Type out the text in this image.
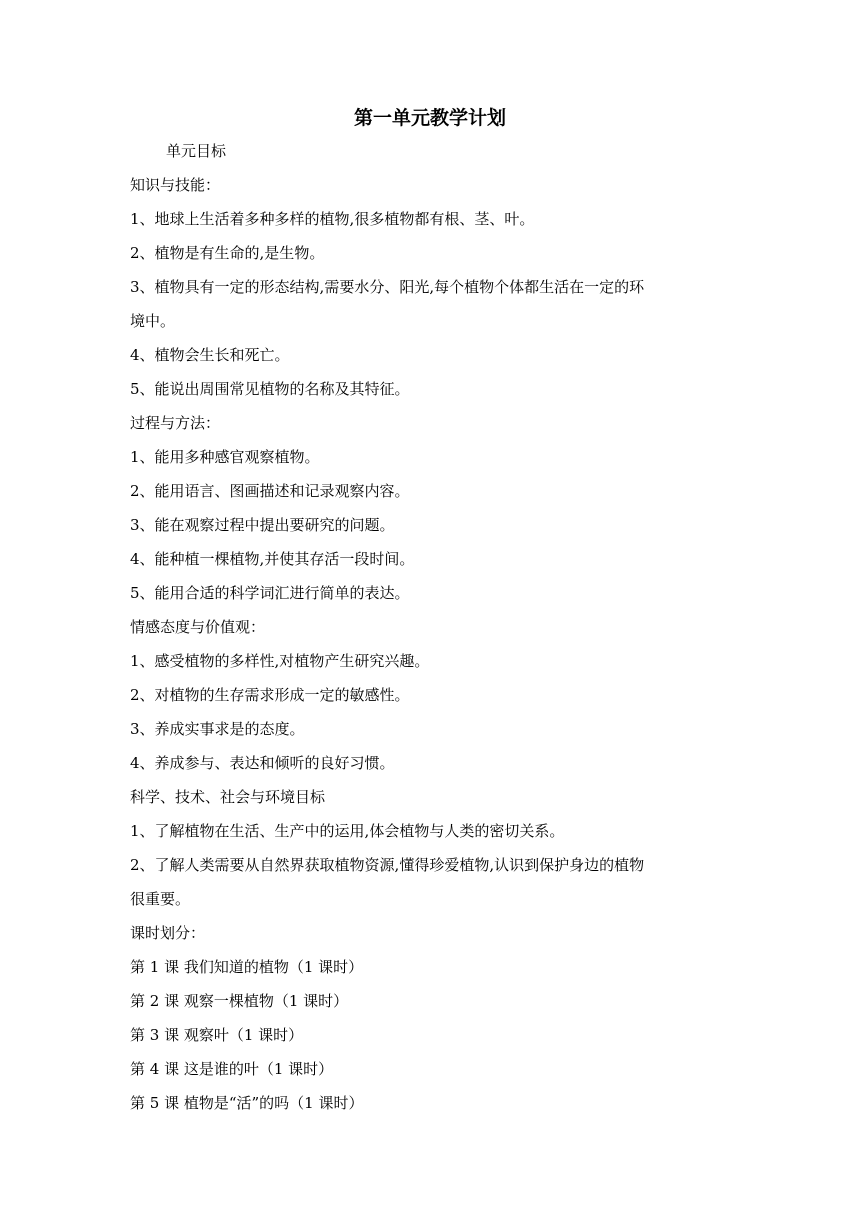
第一单元教学计划

单元目标

知识与技能：

1、地球上生活着多种多样的植物,很多植物都有根、茎、叶。

2、植物是有生命的,是生物。

3、植物具有一定的形态结构,需要水分、阳光,每个植物个体都生活在一定的环

境中。

4、植物会生长和死亡。

5、能说出周围常见植物的名称及其特征。

过程与方法：

1、能用多种感官观察植物。

2、能用语言、图画描述和记录观察内容。

3、能在观察过程中提出要研究的问题。

4、能种植一棵植物,并使其存活一段时间。

5、能用合适的科学词汇进行简单的表达。

情感态度与价值观：

1、感受植物的多样性,对植物产生研究兴趣。

2、对植物的生存需求形成一定的敏感性。

3、养成实事求是的态度。

4、养成参与、表达和倾听的良好习惯。

科学、技术、社会与环境目标

1、了解植物在生活、生产中的运用,体会植物与人类的密切关系。

2、了解人类需要从自然界获取植物资源,懂得珍爱植物,认识到保护身边的植物

很重要。

课时划分：

第 1 课 我们知道的植物（1 课时）

第 2 课 观察一棵植物（1 课时）

第 3 课 观察叶（1 课时）

第 4 课 这是谁的叶（1 课时）

第 5 课 植物是“活”的吗（1 课时）
